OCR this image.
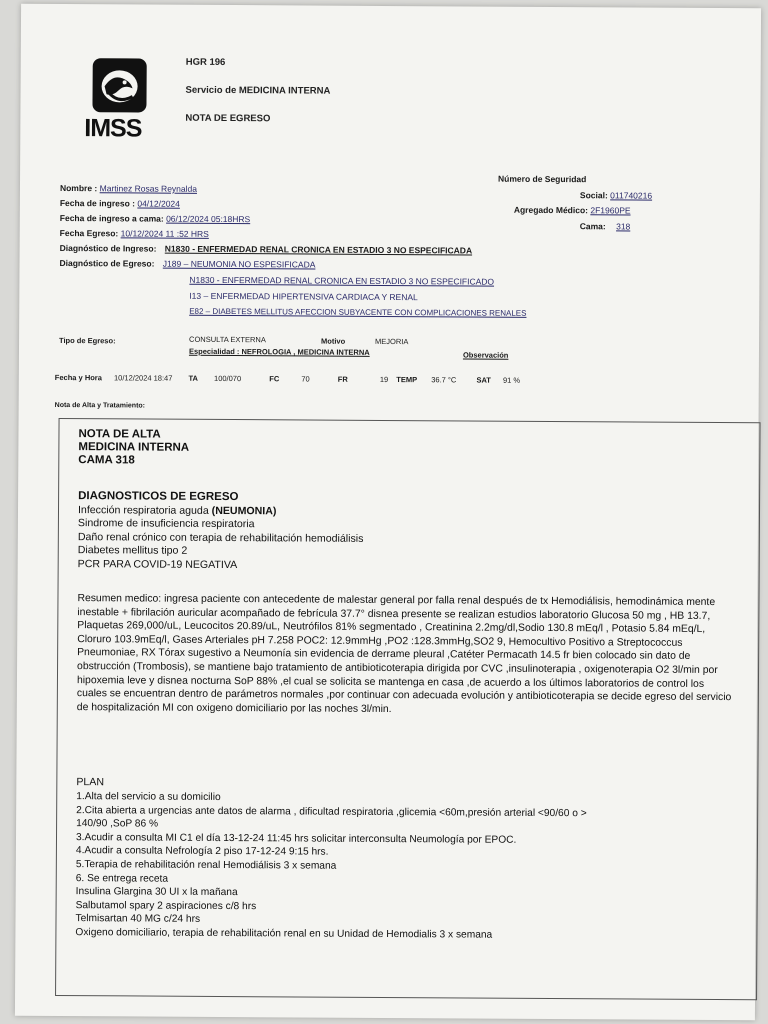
IMSS
HGR 196
Servicio de MEDICINA INTERNA
NOTA DE EGRESO
Número de Seguridad
Social: 011740216
Agregado Médico: 2F1960PE
Cama: 318
Nombre : Martinez Rosas Reynalda
Fecha de ingreso : 04/12/2024
Fecha de ingreso a cama: 06/12/2024 05:18HRS
Fecha Egreso: 10/12/2024 11 :52 HRS
Diagnóstico de Ingreso: N1830 - ENFERMEDAD RENAL CRONICA EN ESTADIO 3 NO ESPECIFICADA
Diagnóstico de Egreso: J189 – NEUMONIA NO ESPESIFICADA
N1830 - ENFERMEDAD RENAL CRONICA EN ESTADIO 3 NO ESPECIFICADO
I13 – ENFERMEDAD HIPERTENSIVA CARDIACA Y RENAL
E82 – DIABETES MELLITUS AFECCION SUBYACENTE CON COMPLICACIONES RENALES
Tipo de Egreso:	CONSULTA EXTERNA	Motivo	MEJORIA
Especialidad : NEFROLOGIA , MEDICINA INTERNA	Observación
Fecha y Hora 10/12/2024 18:47 TA 100/070	FC	70	FR	19 TEMP 36.7 °C	SAT 91 %
Nota de Alta y Tratamiento:
NOTA DE ALTA
MEDICINA INTERNA
CAMA 318
DIAGNOSTICOS DE EGRESO
Infección respiratoria aguda (NEUMONIA)
Sindrome de insuficiencia respiratoria
Daño renal crónico con terapia de rehabilitación hemodiálisis
Diabetes mellitus tipo 2
PCR PARA COVID-19 NEGATIVA
Resumen medico: ingresa paciente con antecedente de malestar general por falla renal después de tx Hemodiálisis, hemodinámica mente inestable + fibrilación auricular acompañado de febrícula 37.7° disnea presente se realizan estudios laboratorio Glucosa 50 mg , HB 13.7, Plaquetas 269,000/uL, Leucocitos 20.89/uL, Neutrófilos 81% segmentado , Creatinina 2.2mg/dl,Sodio 130.8 mEq/l , Potasio 5.84 mEq/L, Cloruro 103.9mEq/l, Gases Arteriales pH 7.258 POC2: 12.9mmHg ,PO2 :128.3mmHg,SO2 9, Hemocultivo Positivo a Streptococcus Pneumoniae, RX Tórax sugestivo a Neumonía sin evidencia de derrame pleural ,Catéter Permacath 14.5 fr bien colocado sin dato de obstrucción (Trombosis), se mantiene bajo tratamiento de antibioticoterapia dirigida por CVC ,insulinoterapia , oxigenoterapia O2 3l/min por hipoxemia leve y disnea nocturna SoP 88% ,el cual se solicita se mantenga en casa ,de acuerdo a los últimos laboratorios de control los cuales se encuentran dentro de parámetros normales ,por continuar con adecuada evolución y antibioticoterapia se decide egreso del servicio de hospitalización MI con oxigeno domiciliario por las noches 3l/min.
PLAN
1.Alta del servicio a su domicilio
2.Cita abierta a urgencias ante datos de alarma , dificultad respiratoria ,glicemia <60m,presión arterial <90/60 o >
140/90 ,SoP 86 %
3.Acudir a consulta MI C1 el día 13-12-24 11:45 hrs solicitar interconsulta Neumología por EPOC.
4.Acudir a consulta Nefrología 2 piso 17-12-24 9:15 hrs.
5.Terapia de rehabilitación renal Hemodiálisis 3 x semana
6. Se entrega receta
Insulina Glargina 30 UI x la mañana
Salbutamol spary 2 aspiraciones c/8 hrs
Telmisartan 40 MG c/24 hrs
Oxigeno domiciliario, terapia de rehabilitación renal en su Unidad de Hemodialis 3 x semana
